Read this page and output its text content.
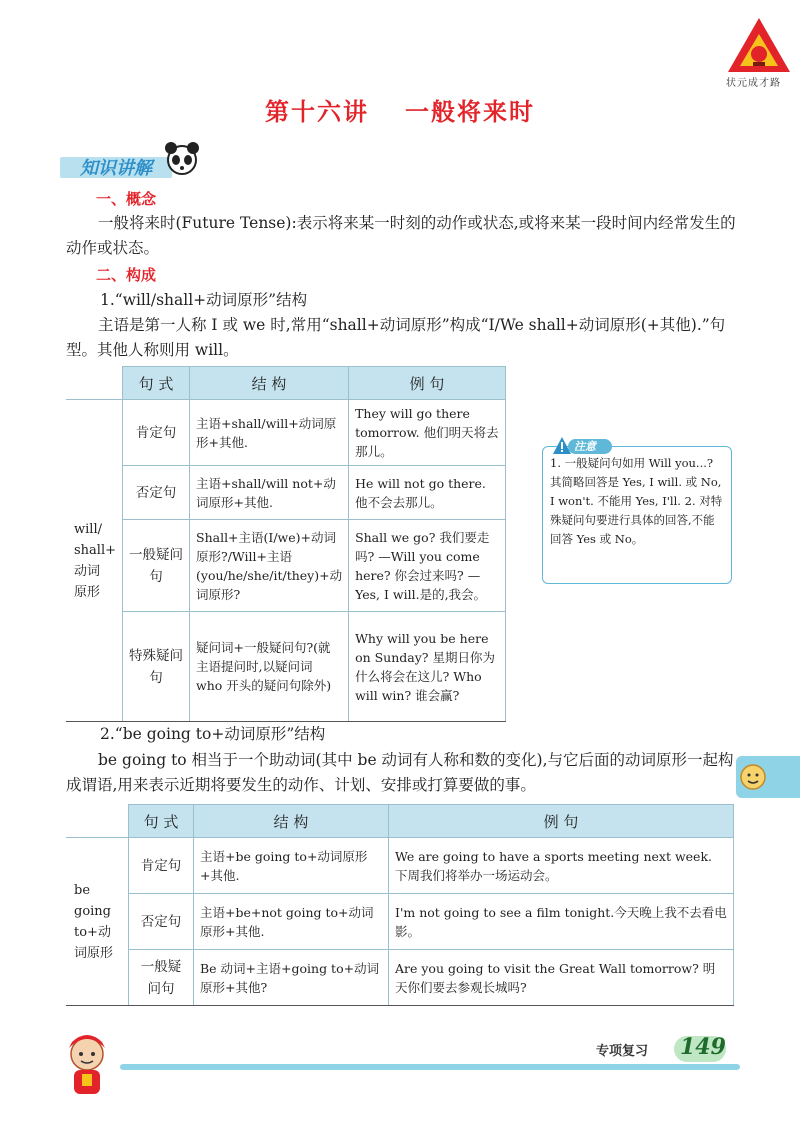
状元成才路
第十六讲 一般将来时
知识讲解
一、概念
一般将来时(Future Tense):表示将来某一时刻的动作或状态,或将来某一段时间内经常发生的动作或状态。
二、构成
1.“will/shall+动词原形”结构
主语是第一人称 I 或 we 时,常用“shall+动词原形”构成“I/We shall+动词原形(+其他).”句型。其他人称则用 will。
	句 式	结 构	例 句
will/ shall+ 动词 原形	肯定句	主语+shall/will+动词原形+其他.	They will go there tomorrow. 他们明天将去那儿。
	否定句	主语+shall/will not+动词原形+其他.	He will not go there. 他不会去那儿。
	一般疑问句	Shall+主语(I/we)+动词原形?/Will+主语(you/he/she/it/they)+动词原形?	Shall we go? 我们要走吗? —Will you come here? 你会过来吗? —Yes, I will.是的,我会。
	特殊疑问句	疑问词+一般疑问句?(就主语提问时,以疑问词 who 开头的疑问句除外)	Why will you be here on Sunday? 星期日你为什么将会在这儿? Who will win? 谁会赢?
注意
1. 一般疑问句如用 Will you...? 其简略回答是 Yes, I will. 或 No, I won't. 不能用 Yes, I'll. 2. 对特殊疑问句要进行具体的回答,不能回答 Yes 或 No。
2.“be going to+动词原形”结构
be going to 相当于一个助动词(其中 be 动词有人称和数的变化),与它后面的动词原形一起构成谓语,用来表示近期将要发生的动作、计划、安排或打算要做的事。
	句 式	结 构	例 句
be going to+动词原形	肯定句	主语+be going to+动词原形+其他.	We are going to have a sports meeting next week. 下周我们将举办一场运动会。
	否定句	主语+be+not going to+动词原形+其他.	I'm not going to see a film tonight.今天晚上我不去看电影。
	一般疑问句	Be 动词+主语+going to+动词原形+其他?	Are you going to visit the Great Wall tomorrow? 明天你们要去参观长城吗?
专项复习 149
